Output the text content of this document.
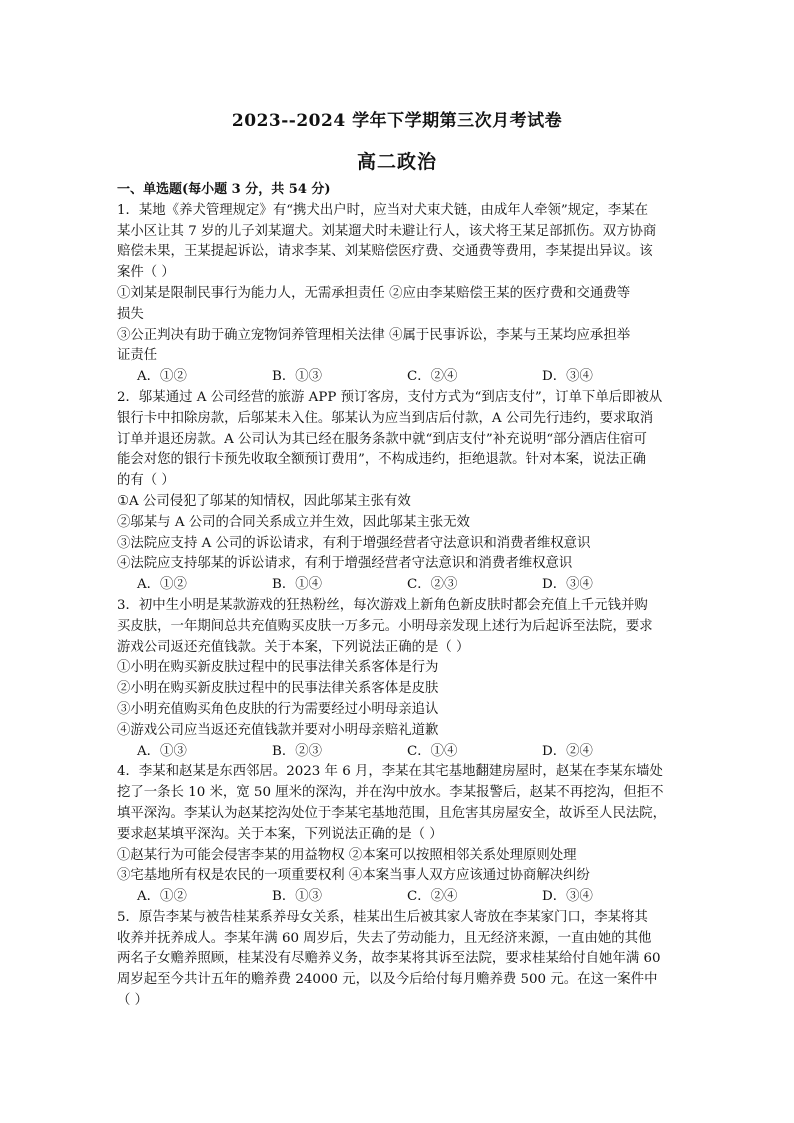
2023--2024 学年下学期第三次月考试卷
高二政治
一、单选题(每小题 3 分，共 54 分)
1．某地《养犬管理规定》有“携犬出户时，应当对犬束犬链，由成年人牵领”规定，李某在
某小区让其 7 岁的儿子刘某遛犬。刘某遛犬时未避让行人，该犬将王某足部抓伤。双方协商
赔偿未果，王某提起诉讼，请求李某、刘某赔偿医疗费、交通费等费用，李某提出异议。该
案件（ ）
①刘某是限制民事行为能力人，无需承担责任 ②应由李某赔偿王某的医疗费和交通费等
损失
③公正判决有助于确立宠物饲养管理相关法律 ④属于民事诉讼，李某与王某均应承担举
证责任
A．①②	B．①③	C．②④	D．③④
2．邬某通过 A 公司经营的旅游 APP 预订客房，支付方式为“到店支付”，订单下单后即被从
银行卡中扣除房款，后邬某未入住。邬某认为应当到店后付款，A 公司先行违约，要求取消
订单并退还房款。A 公司认为其已经在服务条款中就“到店支付”补充说明“部分酒店住宿可
能会对您的银行卡预先收取全额预订费用”，不构成违约，拒绝退款。针对本案，说法正确
的有（ ）
①A 公司侵犯了邬某的知情权，因此邬某主张有效
②邬某与 A 公司的合同关系成立并生效，因此邬某主张无效
③法院应支持 A 公司的诉讼请求，有利于增强经营者守法意识和消费者维权意识
④法院应支持邬某的诉讼请求，有利于增强经营者守法意识和消费者维权意识
A．①②	B．①④	C．②③	D．③④
3．初中生小明是某款游戏的狂热粉丝，每次游戏上新角色新皮肤时都会充值上千元钱并购
买皮肤，一年期间总共充值购买皮肤一万多元。小明母亲发现上述行为后起诉至法院，要求
游戏公司返还充值钱款。关于本案，下列说法正确的是（ ）
①小明在购买新皮肤过程中的民事法律关系客体是行为
②小明在购买新皮肤过程中的民事法律关系客体是皮肤
③小明充值购买角色皮肤的行为需要经过小明母亲追认
④游戏公司应当返还充值钱款并要对小明母亲赔礼道歉
A．①③	B．②③	C．①④	D．②④
4．李某和赵某是东西邻居。2023 年 6 月，李某在其宅基地翻建房屋时，赵某在李某东墙处
挖了一条长 10 米，宽 50 厘米的深沟，并在沟中放水。李某报警后，赵某不再挖沟，但拒不
填平深沟。李某认为赵某挖沟处位于李某宅基地范围，且危害其房屋安全，故诉至人民法院，
要求赵某填平深沟。关于本案，下列说法正确的是（ ）
①赵某行为可能会侵害李某的用益物权 ②本案可以按照相邻关系处理原则处理
③宅基地所有权是农民的一项重要权利 ④本案当事人双方应该通过协商解决纠纷
A．①②	B．①③	C．②④	D．③④
5．原告李某与被告桂某系养母女关系，桂某出生后被其家人寄放在李某家门口，李某将其
收养并抚养成人。李某年满 60 周岁后，失去了劳动能力，且无经济来源，一直由她的其他
两名子女赡养照顾，桂某没有尽赡养义务，故李某将其诉至法院，要求桂某给付自她年满 60
周岁起至今共计五年的赡养费 24000 元，以及今后给付每月赡养费 500 元。在这一案件中
（ ）
